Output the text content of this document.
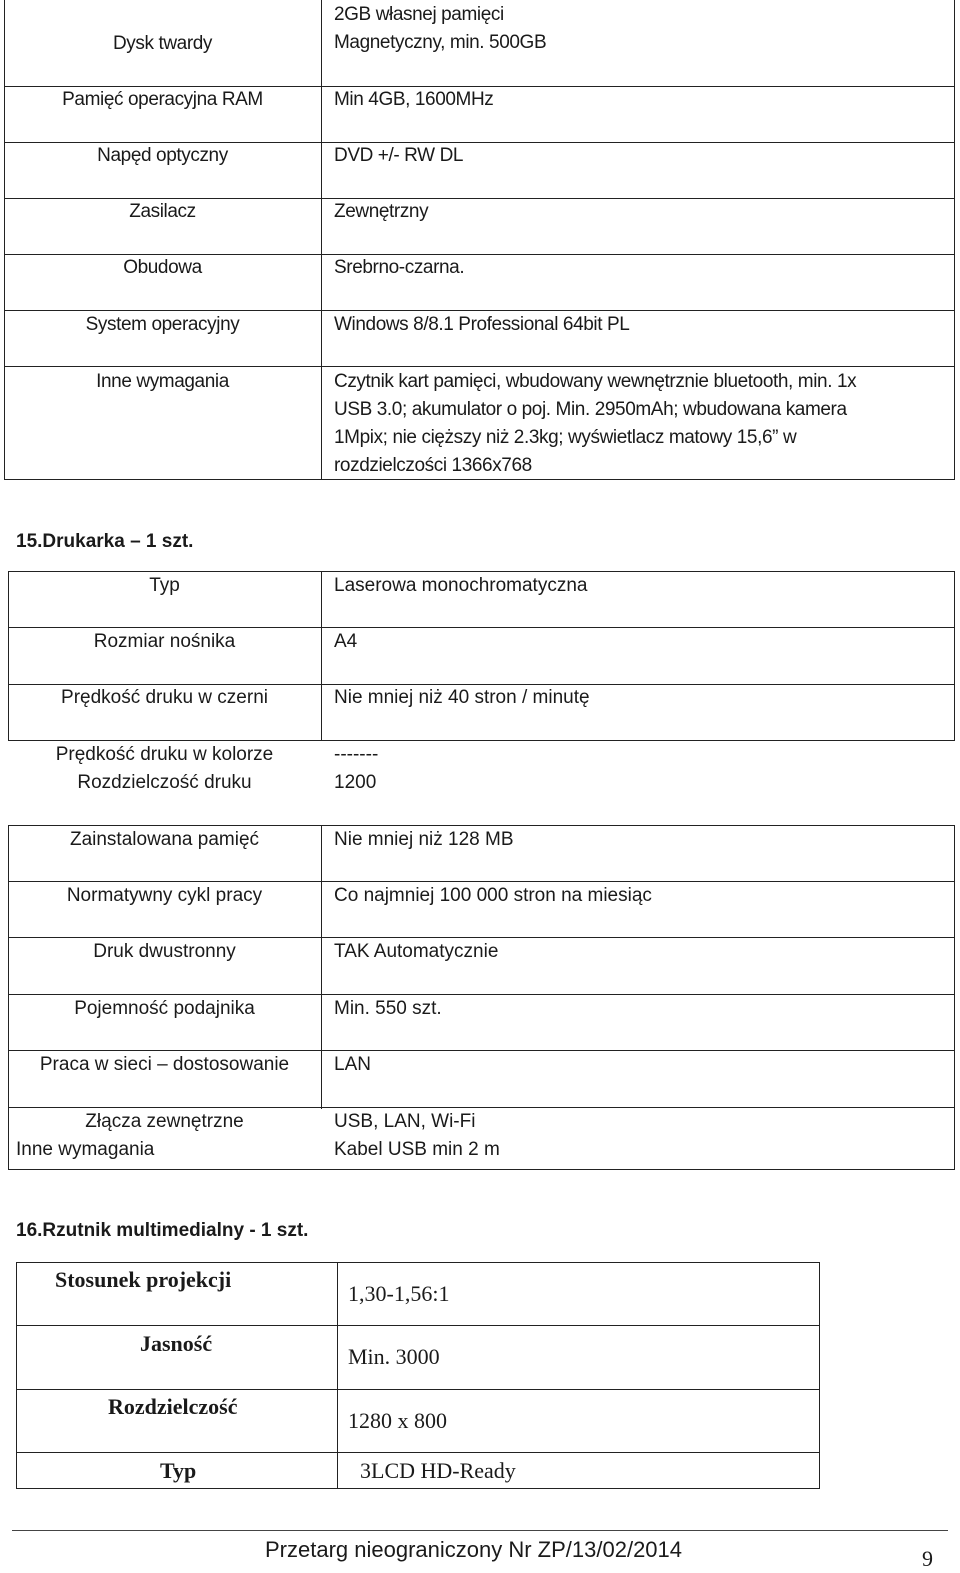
Dysk twardy
Pamięć operacyjna RAM
Napęd optyczny
Zasilacz
Obudowa
System operacyjny
Inne wymagania
2GB własnej pamięci
Magnetyczny, min. 500GB
Min 4GB, 1600MHz
DVD +/- RW DL
Zewnętrzny
Srebrno-czarna.
Windows 8/8.1 Professional 64bit PL
Czytnik kart pamięci, wbudowany wewnętrznie bluetooth, min. 1x
USB 3.0; akumulator o poj. Min. 2950mAh; wbudowana kamera
1Mpix; nie cięższy niż 2.3kg; wyświetlacz matowy 15,6” w
rozdzielczości 1366x768
15.Drukarka – 1 szt.
Typ
Rozmiar nośnika
Prędkość druku w czerni
Prędkość druku w kolorze
Rozdzielczość druku
Zainstalowana pamięć
Normatywny cykl pracy
Druk dwustronny
Pojemność podajnika
Praca w sieci – dostosowanie
Złącza zewnętrzne
Inne wymagania
Laserowa monochromatyczna
A4
Nie mniej niż 40 stron / minutę
-------
1200
Nie mniej niż 128 MB
Co najmniej 100 000 stron na miesiąc
TAK Automatycznie
Min. 550 szt.
LAN
USB, LAN, Wi-Fi
Kabel USB min 2 m
16.Rzutnik multimedialny - 1 szt.
Stosunek projekcji
Jasność
Rozdzielczość
Typ
1,30-1,56:1
Min. 3000
1280 x 800
3LCD HD-Ready
Przetarg nieograniczony Nr ZP/13/02/2014	9
